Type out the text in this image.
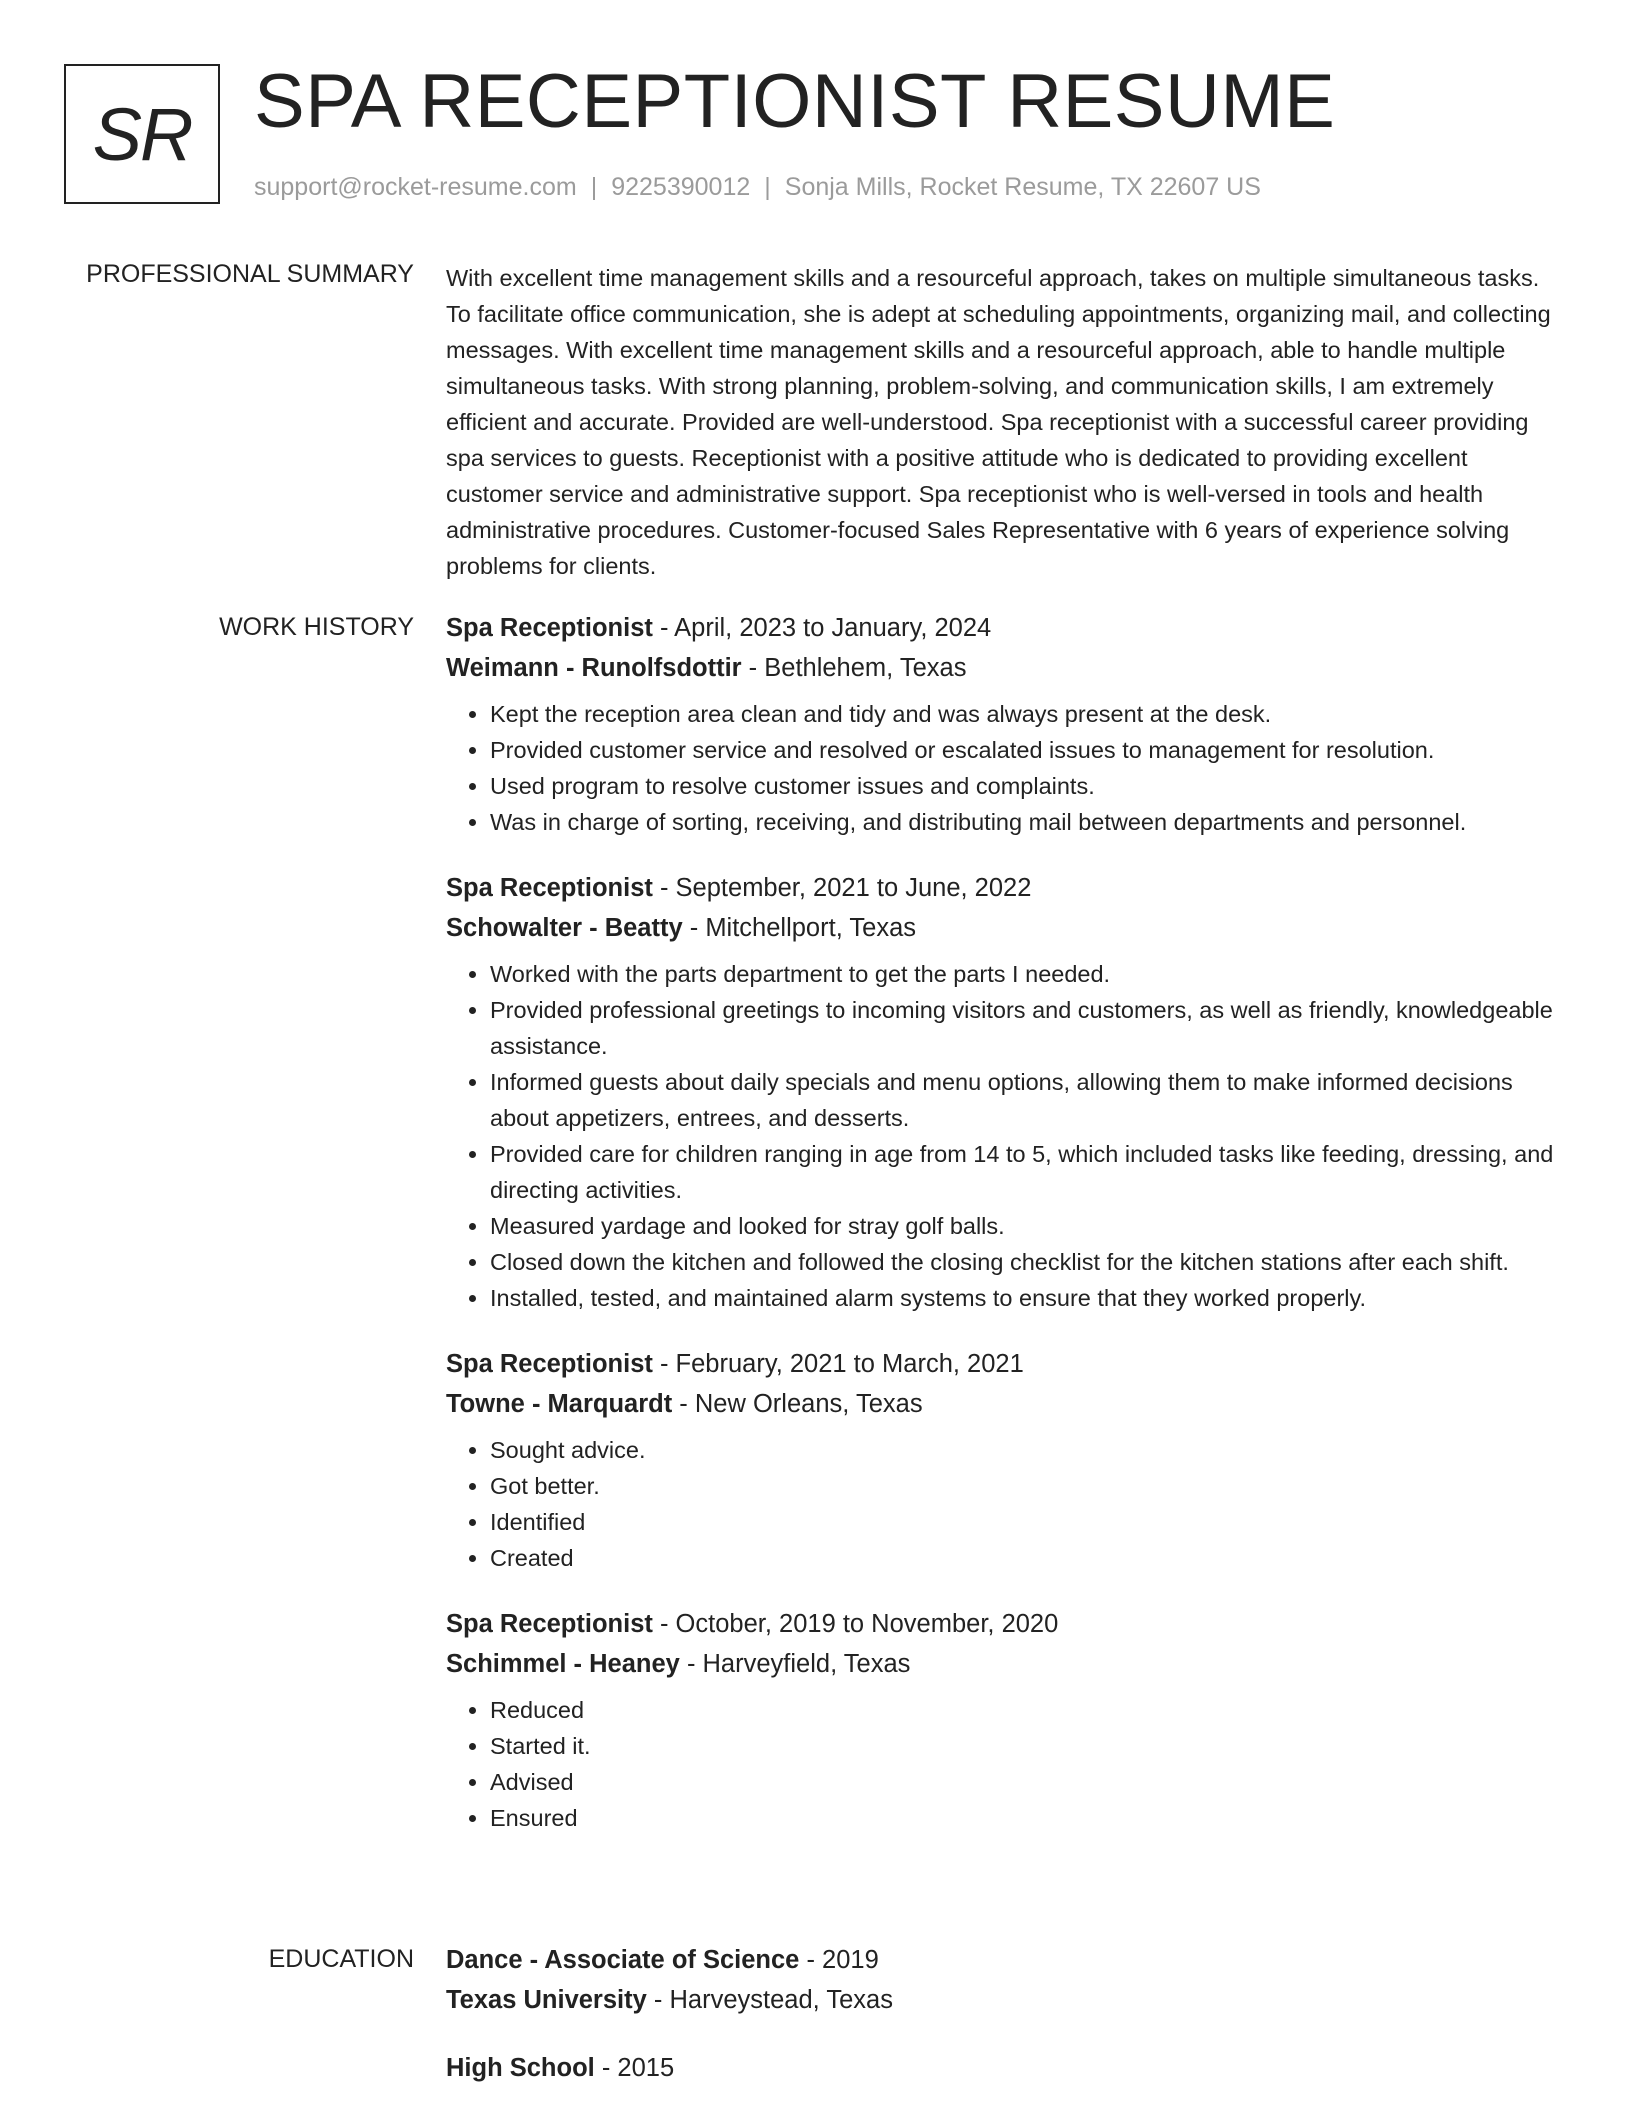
SR SPA RECEPTIONIST RESUME
support@rocket-resume.com | 9225390012 | Sonja Mills, Rocket Resume, TX 22607 US
PROFESSIONAL SUMMARY With excellent time management skills and a resourceful approach, takes on multiple simultaneous tasks. To facilitate office communication, she is adept at scheduling appointments, organizing mail, and collecting messages. With excellent time management skills and a resourceful approach, able to handle multiple simultaneous tasks. With strong planning, problem-solving, and communication skills, I am extremely efficient and accurate. Provided are well-understood. Spa receptionist with a successful career providing spa services to guests. Receptionist with a positive attitude who is dedicated to providing excellent customer service and administrative support. Spa receptionist who is well-versed in tools and health administrative procedures. Customer-focused Sales Representative with 6 years of experience solving problems for clients.

WORK HISTORY Spa Receptionist - April, 2023 to January, 2024
Weimann - Runolfsdottir - Bethlehem, Texas
• Kept the reception area clean and tidy and was always present at the desk.
• Provided customer service and resolved or escalated issues to management for resolution.
• Used program to resolve customer issues and complaints.
• Was in charge of sorting, receiving, and distributing mail between departments and personnel.
Spa Receptionist - September, 2021 to June, 2022
Schowalter - Beatty - Mitchellport, Texas
• Worked with the parts department to get the parts I needed.
• Provided professional greetings to incoming visitors and customers, as well as friendly, knowledgeable assistance.
• Informed guests about daily specials and menu options, allowing them to make informed decisions about appetizers, entrees, and desserts.
• Provided care for children ranging in age from 14 to 5, which included tasks like feeding, dressing, and directing activities.
• Measured yardage and looked for stray golf balls.
• Closed down the kitchen and followed the closing checklist for the kitchen stations after each shift.
• Installed, tested, and maintained alarm systems to ensure that they worked properly.
Spa Receptionist - February, 2021 to March, 2021
Towne - Marquardt - New Orleans, Texas
• Sought advice.
• Got better.
• Identified
• Created
Spa Receptionist - October, 2019 to November, 2020
Schimmel - Heaney - Harveyfield, Texas
• Reduced
• Started it.
• Advised
• Ensured
EDUCATION Dance - Associate of Science - 2019
Texas University - Harveystead, Texas
High School - 2015
